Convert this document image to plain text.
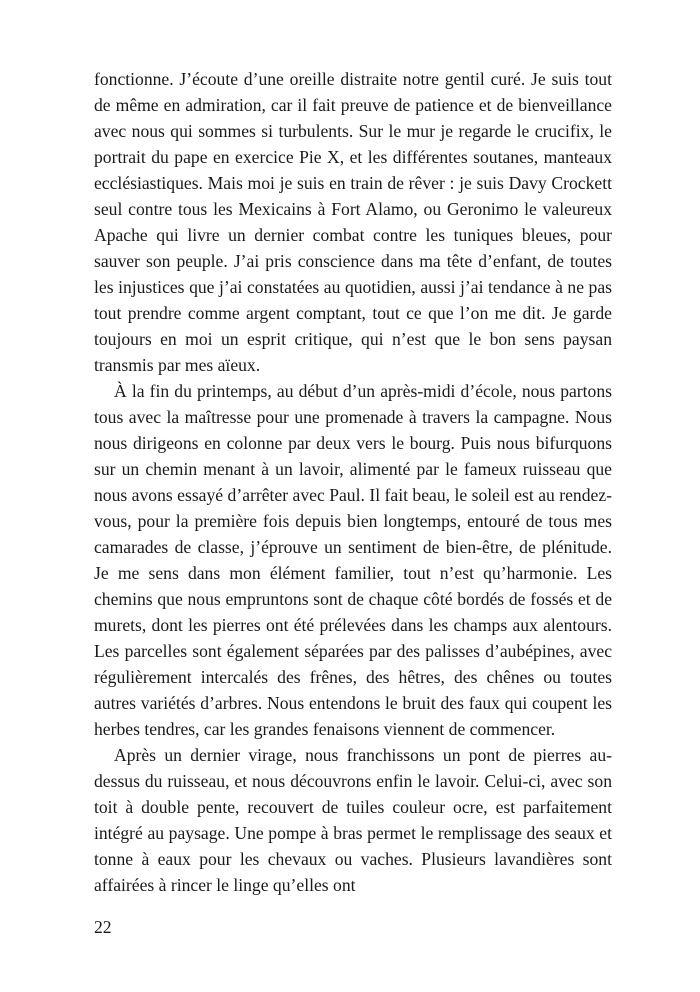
fonctionne. J’écoute d’une oreille distraite notre gentil curé. Je suis tout de même en admiration, car il fait preuve de patience et de bienveillance avec nous qui sommes si turbulents. Sur le mur je regarde le crucifix, le portrait du pape en exercice Pie X, et les différentes soutanes, manteaux ecclésiastiques. Mais moi je suis en train de rêver : je suis Davy Crockett seul contre tous les Mexicains à Fort Alamo, ou Geronimo le valeureux Apache qui livre un dernier combat contre les tuniques bleues, pour sauver son peuple. J’ai pris conscience dans ma tête d’enfant, de toutes les injustices que j’ai constatées au quotidien, aussi j’ai tendance à ne pas tout prendre comme argent comptant, tout ce que l’on me dit. Je garde toujours en moi un esprit critique, qui n’est que le bon sens paysan transmis par mes aïeux.

À la fin du printemps, au début d’un après-midi d’école, nous partons tous avec la maîtresse pour une promenade à travers la campagne. Nous nous dirigeons en colonne par deux vers le bourg. Puis nous bifurquons sur un chemin menant à un lavoir, alimenté par le fameux ruisseau que nous avons essayé d’arrêter avec Paul. Il fait beau, le soleil est au rendez-vous, pour la première fois depuis bien longtemps, entouré de tous mes camarades de classe, j’éprouve un sentiment de bien-être, de plénitude. Je me sens dans mon élément familier, tout n’est qu’harmonie. Les chemins que nous empruntons sont de chaque côté bordés de fossés et de murets, dont les pierres ont été prélevées dans les champs aux alentours. Les parcelles sont également séparées par des palisses d’aubépines, avec régulièrement intercalés des frênes, des hêtres, des chênes ou toutes autres variétés d’arbres. Nous entendons le bruit des faux qui coupent les herbes tendres, car les grandes fenaisons viennent de commencer.

Après un dernier virage, nous franchissons un pont de pierres au-dessus du ruisseau, et nous découvrons enfin le lavoir. Celui-ci, avec son toit à double pente, recouvert de tuiles couleur ocre, est parfaitement intégré au paysage. Une pompe à bras permet le remplissage des seaux et tonne à eaux pour les chevaux ou vaches. Plusieurs lavandières sont affairées à rincer le linge qu’elles ont

22
